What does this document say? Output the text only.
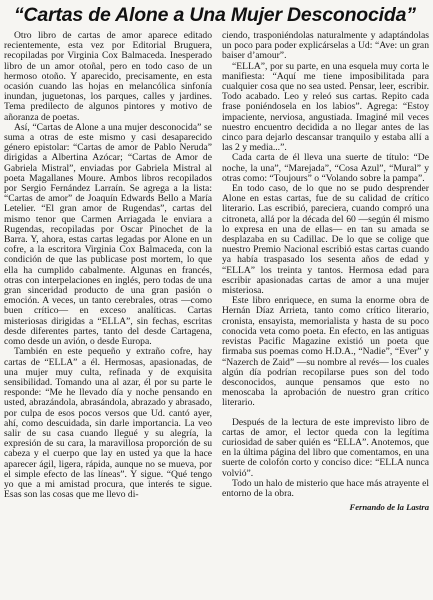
“Cartas de Alone a Una Mujer Desconocida”

Otro libro de cartas de amor aparece editado recientemente, esta vez por Editorial Bruguera, recopiladas por Virginia Cox Balmaceda. Inesperado libro de un amor otoñal, pero en todo caso de un hermoso otoño. Y aparecido, precisamente, en esta ocasión cuando las hojas en melancólica sinfonía inundan, juguetonas, los parques, calles y jardines. Tema predilecto de algunos pintores y motivo de añoranza de poetas.

Así, “Cartas de Alone a una mujer desconocida” se suma a otras de este mismo y casi desaparecido género epistolar: “Cartas de amor de Pablo Neruda” dirigidas a Albertina Azócar; “Cartas de Amor de Gabriela Mistral”, enviadas por Gabriela Mistral al poeta Magallanes Moure. Ambos libros recopilados por Sergio Fernández Larraín. Se agrega a la lista: “Cartas de amor” de Joaquín Edwards Bello a María Letelier. “El gran amor de Rugendas”, cartas del mismo tenor que Carmen Arriagada le enviara a Rugendas, recopiladas por Oscar Pinochet de la Barra. Y, ahora, estas cartas legadas por Alone en un cofre, a la escritora Virginia Cox Balmaceda, con la condición de que las publicase post mortem, lo que ella ha cumplido cabalmente. Algunas en francés, otras con interpelaciones en inglés, pero todas de una gran sinceridad producto de una gran pasión o emoción. A veces, un tanto cerebrales, otras —como buen crítico— en exceso analíticas. Cartas misteriosas dirigidas a “ELLA”, sin fechas, escritas desde diferentes partes, tanto del desde Cartagena, como desde un avión, o desde Europa.

También en este pequeño y extraño cofre, hay cartas de “ELLA” a él. Hermosas, apasionadas, de una mujer muy culta, refinada y de exquisita sensibilidad. Tomando una al azar, él por su parte le responde: “Me he llevado día y noche pensando en usted, abrazándola, abrasándola, abrazado y abrasado, por culpa de esos pocos versos que Ud. cantó ayer, ahí, como descuidada, sin darle importancia. La veo salir de su casa cuando llegué y su alegría, la expresión de su cara, la maravillosa proporción de su cabeza y el cuerpo que lay en usted ya que la hace aparecer ágil, ligera, rápida, aunque no se mueva, por el simple efecto de las líneas”. Y sigue. “Qué tengo yo que a mi amistad procura, que interés te sigue. Esas son las cosas que me llevo di-

ciendo, trasponiéndolas naturalmente y adaptándolas un poco para poder explicárselas a Ud: “Ave: un gran baiser d’amour”.

“ELLA”, por su parte, en una esquela muy corta le manifiesta: “Aquí me tiene imposibilitada para cualquier cosa que no sea usted. Pensar, leer, escribir. Todo acabado. Leo y releó sus cartas. Repito cada frase poniéndosela en los labios”. Agrega: “Estoy impaciente, nerviosa, angustiada. Imaginé mil veces nuestro encuentro decidida a no llegar antes de las cinco para dejarlo descansar tranquilo y estaba allí a las 2 y media...”.

Cada carta de él lleva una suerte de título: “De noche, la una”, “Marejada”, “Cosa Azul”, “Mural” y otras como: “Toujours” o “Volando sobre la pampa”.

En todo caso, de lo que no se pudo desprender Alone en estas cartas, fue de su calidad de crítico literario. Las escribió, pareciera, cuando compró una citroneta, allá por la década del 60 —según él mismo lo expresa en una de ellas— en tan su amada se desplazaba en su Cadillac. De lo que se colige que nuestro Premio Nacional escribió estas cartas cuando ya había traspasado los sesenta años de edad y “ELLA” los treinta y tantos. Hermosa edad para escribir apasionadas cartas de amor a una mujer misteriosa.

Este libro enriquece, en suma la enorme obra de Hernán Díaz Arrieta, tanto como crítico literario, cronista, ensayista, memorialista y hasta de su poco conocida veta como poeta. En efecto, en las antiguas revistas Pacific Magazine existió un poeta que firmaba sus poemas como H.D.A., “Nadie”, “Ever” y “Nazerch de Zaid” —su nombre al revés— los cuales algún día podrían recopilarse pues son del todo desconocidos, aunque pensamos que esto no menoscaba la aprobación de nuestro gran crítico literario.

Después de la lectura de este imprevisto libro de cartas de amor, el lector queda con la legítima curiosidad de saber quién es “ELLA”. Anotemos, que en la última página del libro que comentamos, en una suerte de colofón corto y conciso dice: “ELLA nunca volvió”.

Todo un halo de misterio que hace más atrayente el entorno de la obra.

Fernando de la Lastra
